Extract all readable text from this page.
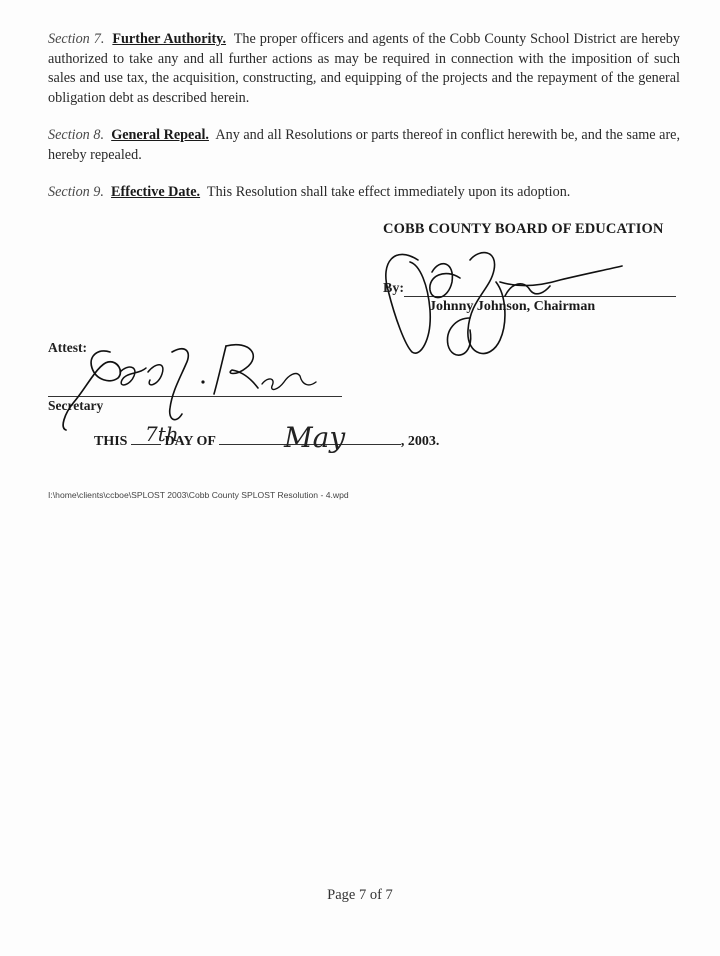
Section 7. Further Authority. The proper officers and agents of the Cobb County School District are hereby authorized to take any and all further actions as may be required in connection with the imposition of such sales and use tax, the acquisition, constructing, and equipping of the projects and the repayment of the general obligation debt as described herein.
Section 8. General Repeal. Any and all Resolutions or parts thereof in conflict herewith be, and the same are, hereby repealed.
Section 9. Effective Date. This Resolution shall take effect immediately upon its adoption.
COBB COUNTY BOARD OF EDUCATION
By:
Johnny Johnson, Chairman
Attest:
Secretary
THIS	DAY OF	, 2003.
I:\home\clients\ccboe\SPLOST 2003\Cobb County SPLOST Resolution - 4.wpd
Page 7 of 7
7th	May
